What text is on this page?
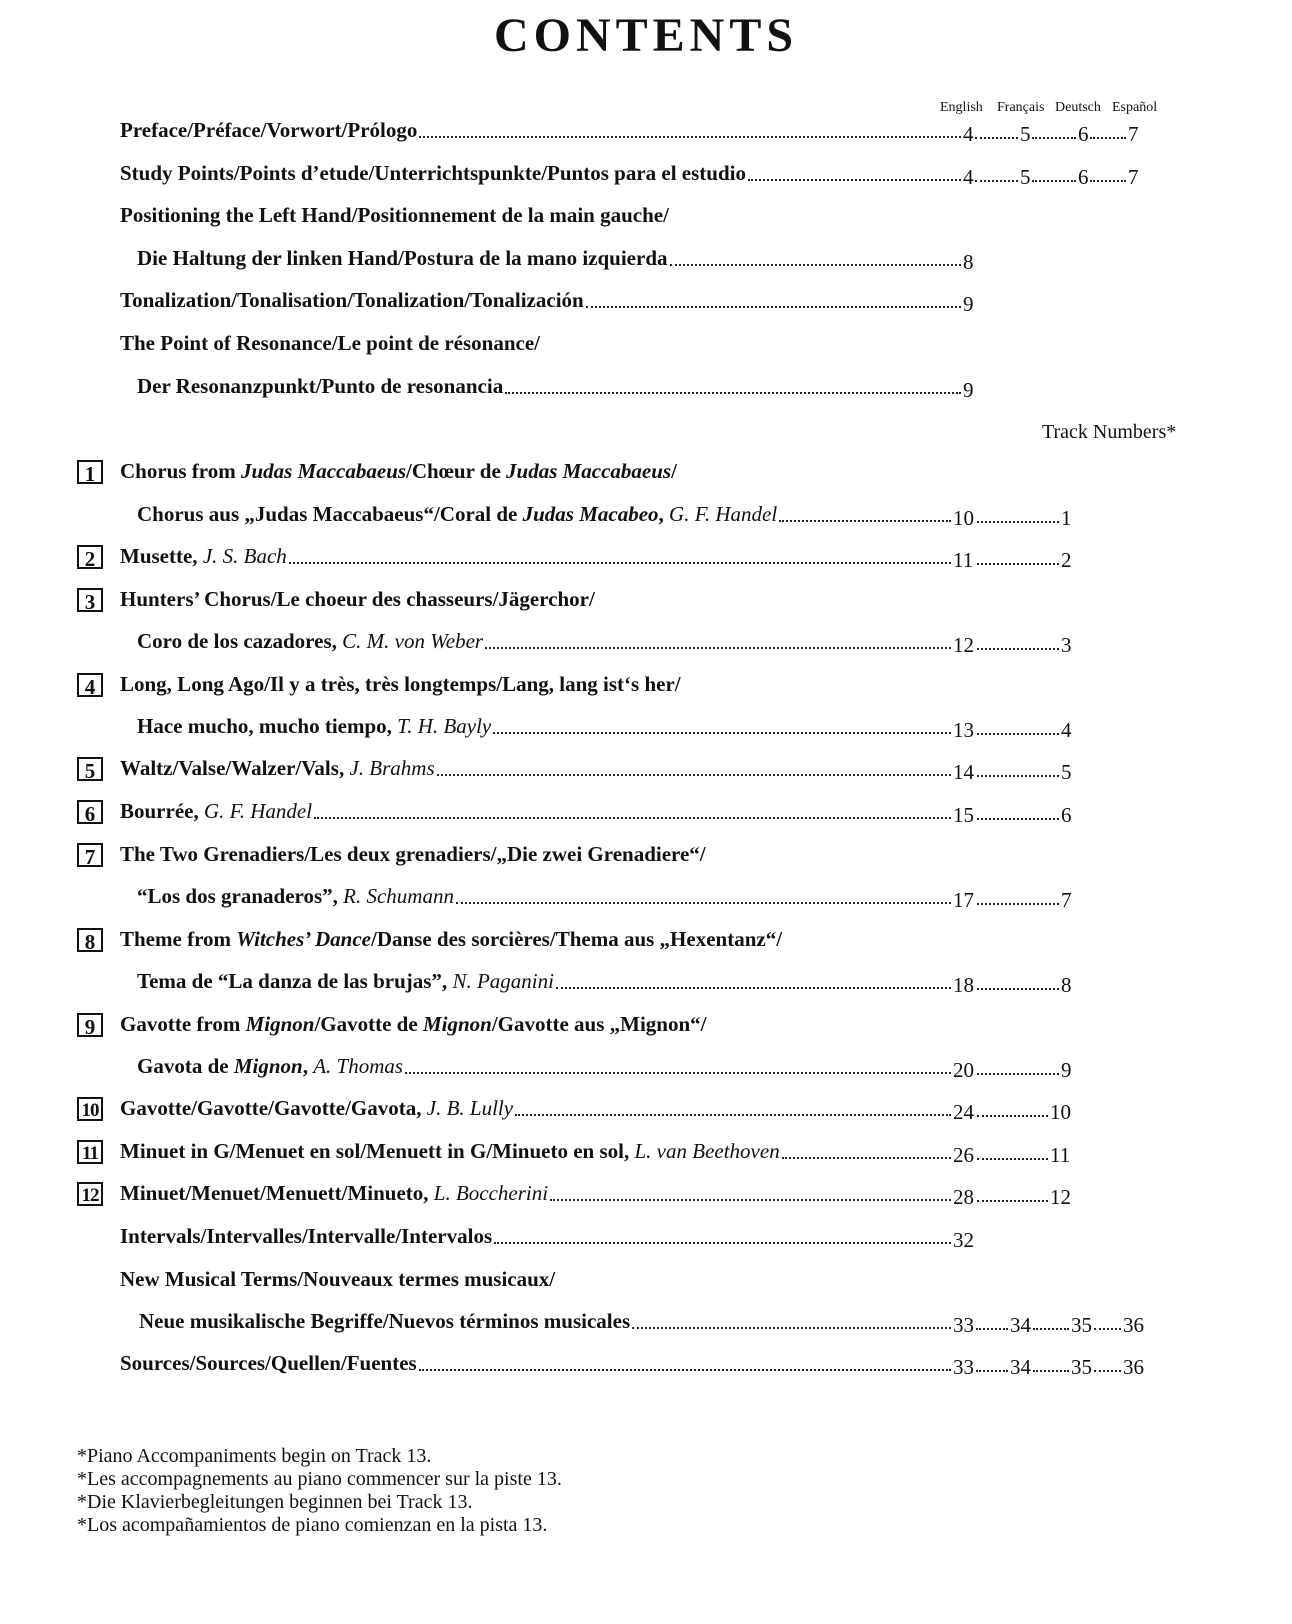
CONTENTS
English Français Deutsch Español
Track Numbers*
Preface/Préface/Vorwort/Prólogo	4 5 6 7
Study Points/Points d’etude/Unterrichtspunkte/Puntos para el estudio	4 5 6 7
Positioning the Left Hand/Positionnement de la main gauche/
Die Haltung der linken Hand/Postura de la mano izquierda	8
Tonalization/Tonalisation/Tonalization/Tonalización	9
The Point of Resonance/Le point de résonance/
Der Resonanzpunkt/Punto de resonancia	9
1	Chorus from Judas Maccabaeus/Chœur de Judas Maccabaeus/
Chorus aus „Judas Maccabaeus“/Coral de Judas Macabeo, G. F. Handel	10	1
2	Musette, J. S. Bach	11	2
3	Hunters’ Chorus/Le choeur des chasseurs/Jägerchor/
Coro de los cazadores, C. M. von Weber	12	3
4	Long, Long Ago/Il y a très, très longtemps/Lang, lang ist‘s her/
Hace mucho, mucho tiempo, T. H. Bayly	13	4
5	Waltz/Valse/Walzer/Vals, J. Brahms	14	5
6	Bourrée, G. F. Handel	15	6
7	The Two Grenadiers/Les deux grenadiers/„Die zwei Grenadiere“/
“Los dos granaderos”, R. Schumann	17	7
8	Theme from Witches’ Dance/Danse des sorcières/Thema aus „Hexentanz“/
Tema de “La danza de las brujas”, N. Paganini	18	8
9	Gavotte from Mignon/Gavotte de Mignon/Gavotte aus „Mignon“/
Gavota de Mignon, A. Thomas	20	9
10 Gavotte/Gavotte/Gavotte/Gavota, J. B. Lully	24	10
11 Minuet in G/Menuet en sol/Menuett in G/Minueto en sol, L. van Beethoven	26	11
12 Minuet/Menuet/Menuett/Minueto, L. Boccherini	28	12
Intervals/Intervalles/Intervalle/Intervalos	32
New Musical Terms/Nouveaux termes musicaux/
Neue musikalische Begriffe/Nuevos términos musicales	33 34 35 36
Sources/Sources/Quellen/Fuentes	33 34 35 36
*Piano Accompaniments begin on Track 13.
*Les accompagnements au piano commencer sur la piste 13.
*Die Klavierbegleitungen beginnen bei Track 13.
*Los acompañamientos de piano comienzan en la pista 13.
